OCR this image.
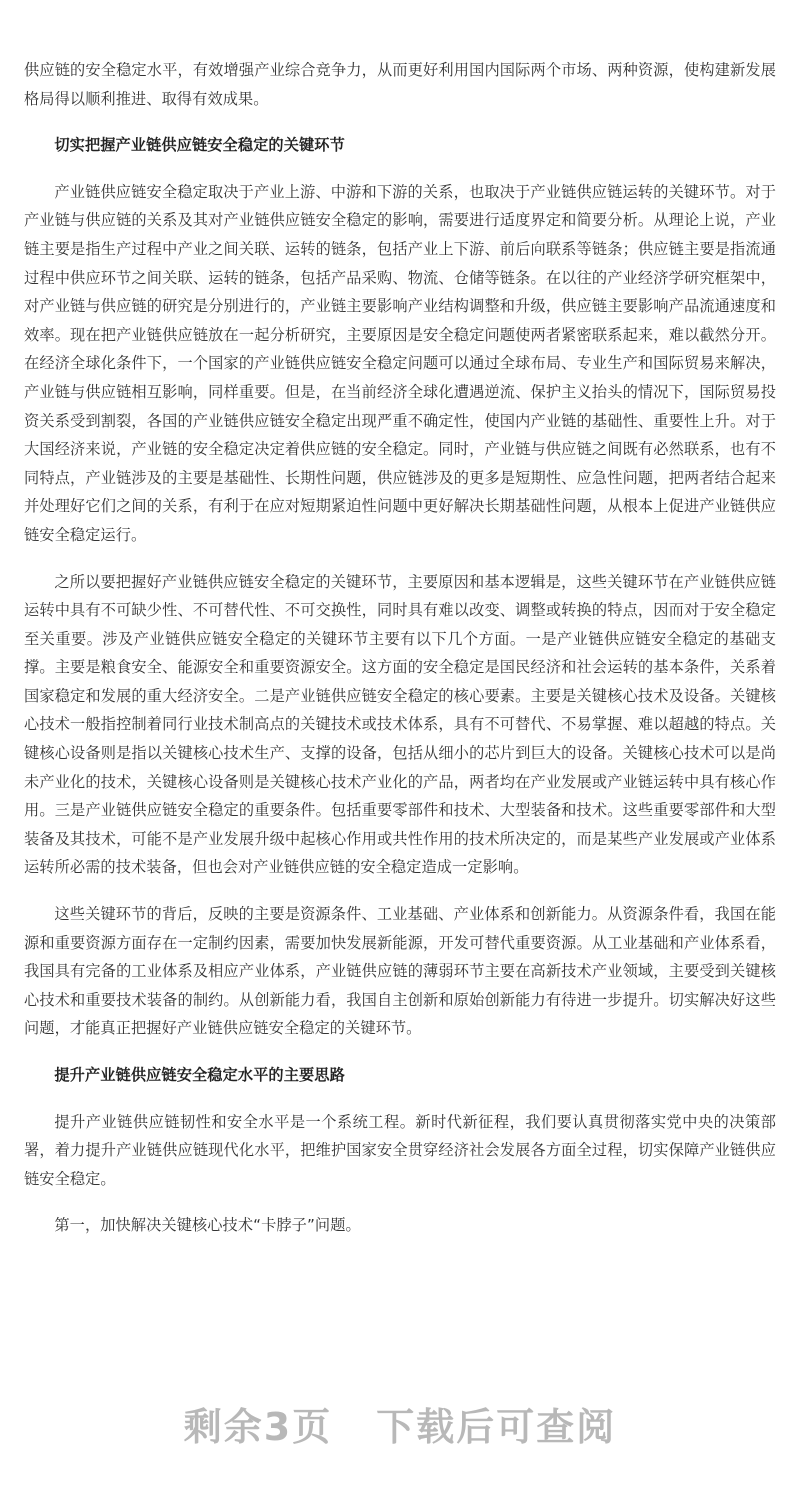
供应链的安全稳定水平，有效增强产业综合竞争力，从而更好利用国内国际两个市场、两种资源，使构建新发展格局得以顺利推进、取得有效成果。

切实把握产业链供应链安全稳定的关键环节

产业链供应链安全稳定取决于产业上游、中游和下游的关系，也取决于产业链供应链运转的关键环节。对于产业链与供应链的关系及其对产业链供应链安全稳定的影响，需要进行适度界定和简要分析。从理论上说，产业链主要是指生产过程中产业之间关联、运转的链条，包括产业上下游、前后向联系等链条；供应链主要是指流通过程中供应环节之间关联、运转的链条，包括产品采购、物流、仓储等链条。在以往的产业经济学研究框架中，对产业链与供应链的研究是分别进行的，产业链主要影响产业结构调整和升级，供应链主要影响产品流通速度和效率。现在把产业链供应链放在一起分析研究，主要原因是安全稳定问题使两者紧密联系起来，难以截然分开。在经济全球化条件下，一个国家的产业链供应链安全稳定问题可以通过全球布局、专业生产和国际贸易来解决，产业链与供应链相互影响，同样重要。但是，在当前经济全球化遭遇逆流、保护主义抬头的情况下，国际贸易投资关系受到割裂，各国的产业链供应链安全稳定出现严重不确定性，使国内产业链的基础性、重要性上升。对于大国经济来说，产业链的安全稳定决定着供应链的安全稳定。同时，产业链与供应链之间既有必然联系，也有不同特点，产业链涉及的主要是基础性、长期性问题，供应链涉及的更多是短期性、应急性问题，把两者结合起来并处理好它们之间的关系，有利于在应对短期紧迫性问题中更好解决长期基础性问题，从根本上促进产业链供应链安全稳定运行。

之所以要把握好产业链供应链安全稳定的关键环节，主要原因和基本逻辑是，这些关键环节在产业链供应链运转中具有不可缺少性、不可替代性、不可交换性，同时具有难以改变、调整或转换的特点，因而对于安全稳定至关重要。涉及产业链供应链安全稳定的关键环节主要有以下几个方面。一是产业链供应链安全稳定的基础支撑。主要是粮食安全、能源安全和重要资源安全。这方面的安全稳定是国民经济和社会运转的基本条件，关系着国家稳定和发展的重大经济安全。二是产业链供应链安全稳定的核心要素。主要是关键核心技术及设备。关键核心技术一般指控制着同行业技术制高点的关键技术或技术体系，具有不可替代、不易掌握、难以超越的特点。关键核心设备则是指以关键核心技术生产、支撑的设备，包括从细小的芯片到巨大的设备。关键核心技术可以是尚未产业化的技术，关键核心设备则是关键核心技术产业化的产品，两者均在产业发展或产业链运转中具有核心作用。三是产业链供应链安全稳定的重要条件。包括重要零部件和技术、大型装备和技术。这些重要零部件和大型装备及其技术，可能不是产业发展升级中起核心作用或共性作用的技术所决定的，而是某些产业发展或产业体系运转所必需的技术装备，但也会对产业链供应链的安全稳定造成一定影响。

这些关键环节的背后，反映的主要是资源条件、工业基础、产业体系和创新能力。从资源条件看，我国在能源和重要资源方面存在一定制约因素，需要加快发展新能源，开发可替代重要资源。从工业基础和产业体系看，我国具有完备的工业体系及相应产业体系，产业链供应链的薄弱环节主要在高新技术产业领域，主要受到关键核心技术和重要技术装备的制约。从创新能力看，我国自主创新和原始创新能力有待进一步提升。切实解决好这些问题，才能真正把握好产业链供应链安全稳定的关键环节。

提升产业链供应链安全稳定水平的主要思路

提升产业链供应链韧性和安全水平是一个系统工程。新时代新征程，我们要认真贯彻落实党中央的决策部署，着力提升产业链供应链现代化水平，把维护国家安全贯穿经济社会发展各方面全过程，切实保障产业链供应链安全稳定。

第一，加快解决关键核心技术“卡脖子”问题。

剩余3页 下载后可查阅
